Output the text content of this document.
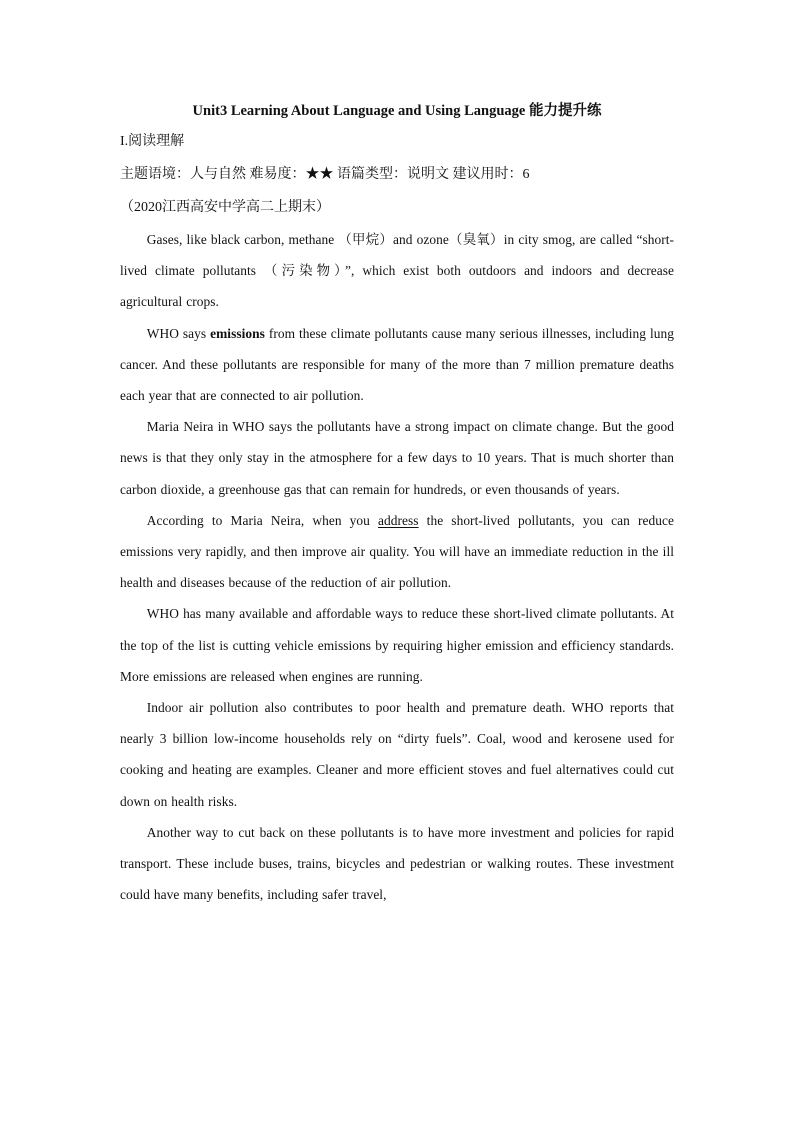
Unit3 Learning About Language and Using Language 能力提升练

I.阅读理解

主题语境：人与自然 难易度：★★ 语篇类型：说明文 建议用时：6

（2020江西高安中学高二上期末）

Gases, like black carbon, methane （甲烷）and ozone（臭氧）in city smog, are called “short-lived climate pollutants （污染物）”, which exist both outdoors and indoors and decrease agricultural crops.

WHO says emissions from these climate pollutants cause many serious illnesses, including lung cancer. And these pollutants are responsible for many of the more than 7 million premature deaths each year that are connected to air pollution.

Maria Neira in WHO says the pollutants have a strong impact on climate change. But the good news is that they only stay in the atmosphere for a few days to 10 years. That is much shorter than carbon dioxide, a greenhouse gas that can remain for hundreds, or even thousands of years.

According to Maria Neira, when you address the short-lived pollutants, you can reduce emissions very rapidly, and then improve air quality. You will have an immediate reduction in the ill health and diseases because of the reduction of air pollution.

WHO has many available and affordable ways to reduce these short-lived climate pollutants. At the top of the list is cutting vehicle emissions by requiring higher emission and efficiency standards. More emissions are released when engines are running.

Indoor air pollution also contributes to poor health and premature death. WHO reports that nearly 3 billion low-income households rely on “dirty fuels”. Coal, wood and kerosene used for cooking and heating are examples. Cleaner and more efficient stoves and fuel alternatives could cut down on health risks.

Another way to cut back on these pollutants is to have more investment and policies for rapid transport. These include buses, trains, bicycles and pedestrian or walking routes. These investment could have many benefits, including safer travel,
